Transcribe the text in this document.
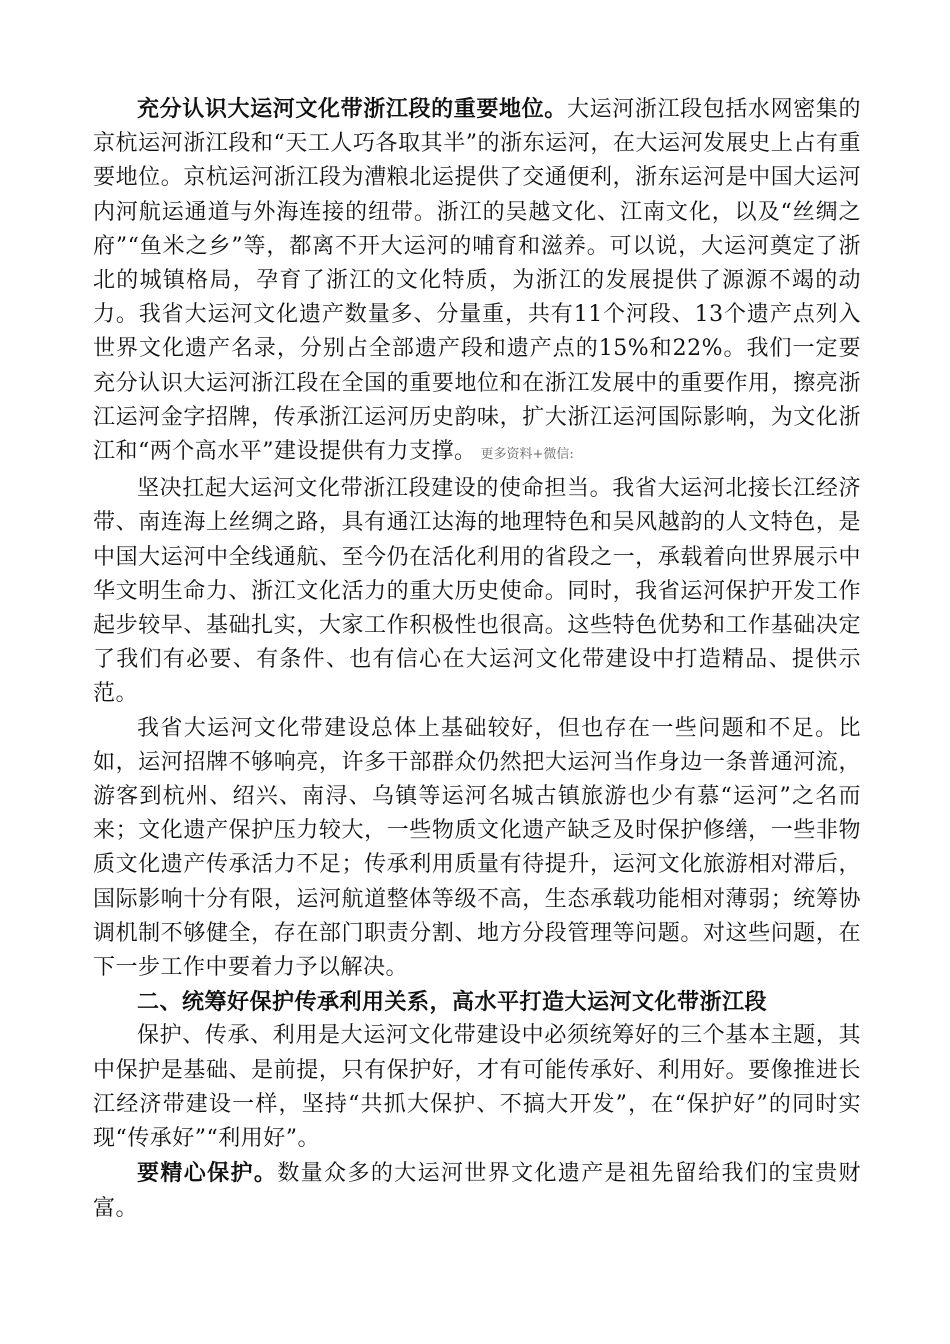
充分认识大运河文化带浙江段的重要地位。大运河浙江段包括水网密集的京杭运河浙江段和“天工人巧各取其半”的浙东运河，在大运河发展史上占有重要地位。京杭运河浙江段为漕粮北运提供了交通便利，浙东运河是中国大运河内河航运通道与外海连接的纽带。浙江的吴越文化、江南文化，以及“丝绸之府”“鱼米之乡”等，都离不开大运河的哺育和滋养。可以说，大运河奠定了浙北的城镇格局，孕育了浙江的文化特质，为浙江的发展提供了源源不竭的动力。我省大运河文化遗产数量多、分量重，共有11个河段、13个遗产点列入世界文化遗产名录，分别占全部遗产段和遗产点的15%和22%。我们一定要充分认识大运河浙江段在全国的重要地位和在浙江发展中的重要作用，擦亮浙江运河金字招牌，传承浙江运河历史韵味，扩大浙江运河国际影响，为文化浙江和“两个高水平”建设提供有力支撑。 更多资料+微信:

坚决扛起大运河文化带浙江段建设的使命担当。我省大运河北接长江经济带、南连海上丝绸之路，具有通江达海的地理特色和吴风越韵的人文特色，是中国大运河中全线通航、至今仍在活化利用的省段之一，承载着向世界展示中华文明生命力、浙江文化活力的重大历史使命。同时，我省运河保护开发工作起步较早、基础扎实，大家工作积极性也很高。这些特色优势和工作基础决定了我们有必要、有条件、也有信心在大运河文化带建设中打造精品、提供示范。

我省大运河文化带建设总体上基础较好，但也存在一些问题和不足。比如，运河招牌不够响亮，许多干部群众仍然把大运河当作身边一条普通河流，游客到杭州、绍兴、南浔、乌镇等运河名城古镇旅游也少有慕“运河”之名而来；文化遗产保护压力较大，一些物质文化遗产缺乏及时保护修缮，一些非物质文化遗产传承活力不足；传承利用质量有待提升，运河文化旅游相对滞后，国际影响十分有限，运河航道整体等级不高，生态承载功能相对薄弱；统筹协调机制不够健全，存在部门职责分割、地方分段管理等问题。对这些问题，在下一步工作中要着力予以解决。

二、统筹好保护传承利用关系，高水平打造大运河文化带浙江段

保护、传承、利用是大运河文化带建设中必须统筹好的三个基本主题，其中保护是基础、是前提，只有保护好，才有可能传承好、利用好。要像推进长江经济带建设一样，坚持“共抓大保护、不搞大开发”，在“保护好”的同时实现“传承好”“利用好”。

要精心保护。数量众多的大运河世界文化遗产是祖先留给我们的宝贵财富。
